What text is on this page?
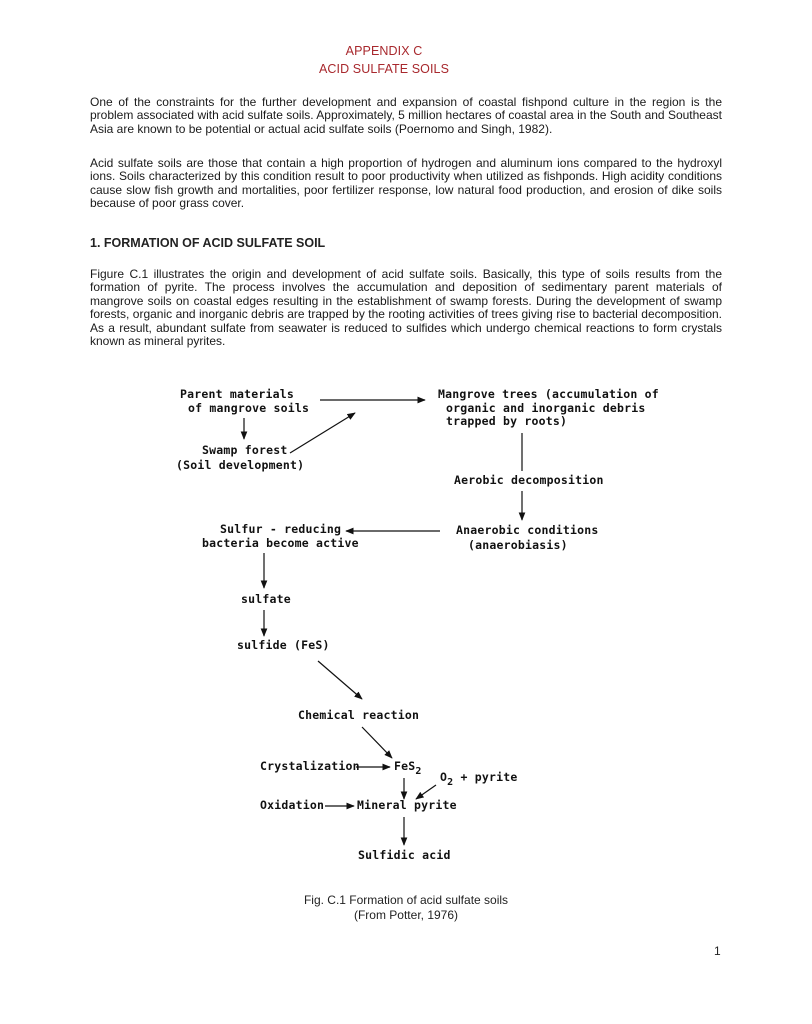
APPENDIX C
ACID SULFATE SOILS

One of the constraints for the further development and expansion of coastal fishpond culture in the region is the problem associated with acid sulfate soils. Approximately, 5 million hectares of coastal area in the South and Southeast Asia are known to be potential or actual acid sulfate soils (Poernomo and Singh, 1982).

Acid sulfate soils are those that contain a high proportion of hydrogen and aluminum ions compared to the hydroxyl ions. Soils characterized by this condition result to poor productivity when utilized as fishponds. High acidity conditions cause slow fish growth and mortalities, poor fertilizer response, low natural food production, and erosion of dike soils because of poor grass cover.

1. FORMATION OF ACID SULFATE SOIL

Figure C.1 illustrates the origin and development of acid sulfate soils. Basically, this type of soils results from the formation of pyrite. The process involves the accumulation and deposition of sedimentary parent materials of mangrove soils on coastal edges resulting in the establishment of swamp forests. During the development of swamp forests, organic and inorganic debris are trapped by the rooting activities of trees giving rise to bacterial decomposition. As a result, abundant sulfate from seawater is reduced to sulfides which undergo chemical reactions to form crystals known as mineral pyrites.

Parent materials
of mangrove soils
Mangrove trees (accumulation of
organic and inorganic debris
trapped by roots)
Swamp forest
(Soil development)
Aerobic decomposition
Anaerobic conditions
(anaerobiasis)
Sulfur - reducing
bacteria become active
sulfate
sulfide (FeS)
Chemical reaction
Crystalization	FeS2 O2 + pyrite
Oxidation	Mineral pyrite
Sulfidic acid
Fig. C.1 Formation of acid sulfate soils
(From Potter, 1976)
1
